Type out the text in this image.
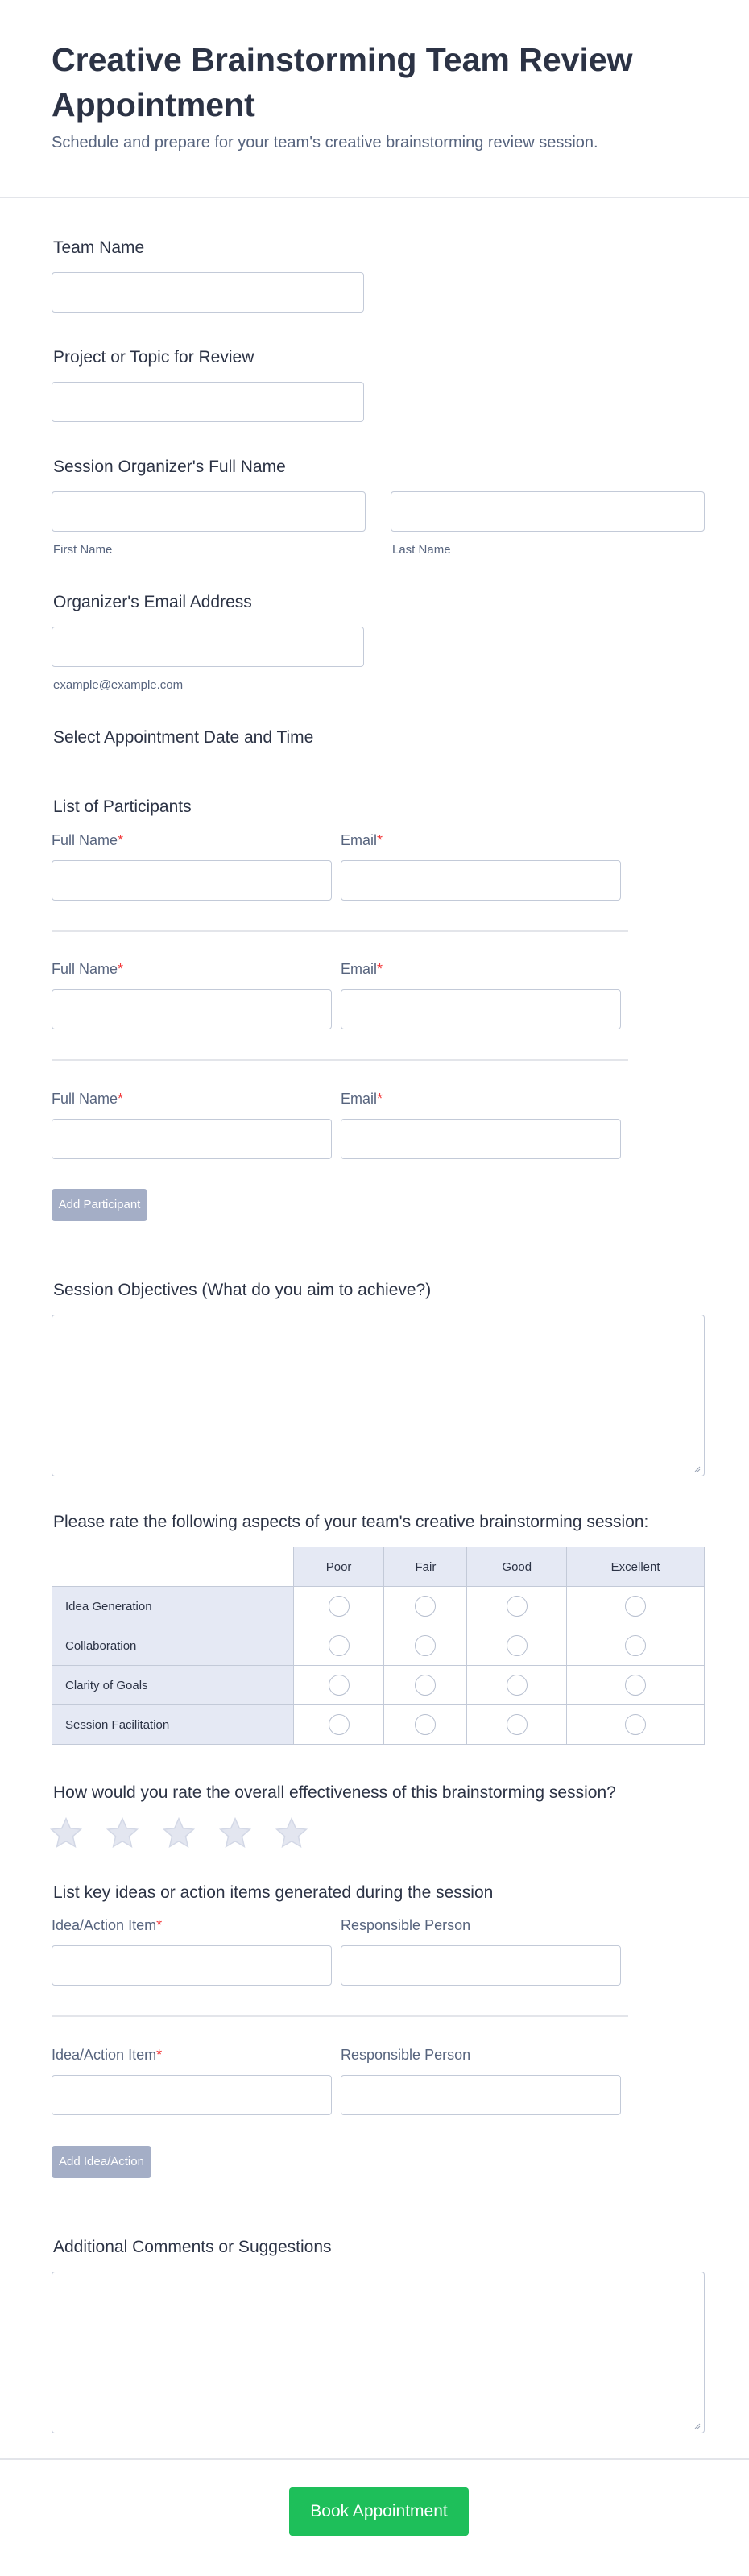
Creative Brainstorming Team Review Appointment

Schedule and prepare for your team's creative brainstorming review session.

Team Name
Project or Topic for Review
Session Organizer's Full Name
First Name	Last Name
Organizer's Email Address
example@example.com
Select Appointment Date and Time
List of Participants
Full Name*	Email*
Full Name*	Email*
Full Name*	Email*
Add Participant
Session Objectives (What do you aim to achieve?)
Please rate the following aspects of your team's creative brainstorming session:
	Poor	Fair	Good	Excellent
Idea Generation	

Collaboration	

Clarity of Goals	

Session Facilitation	

How would you rate the overall effectiveness of this brainstorming session?
List key ideas or action items generated during the session
Idea/Action Item*	Responsible Person
Idea/Action Item*	Responsible Person
Add Idea/Action
Additional Comments or Suggestions
Book Appointment
